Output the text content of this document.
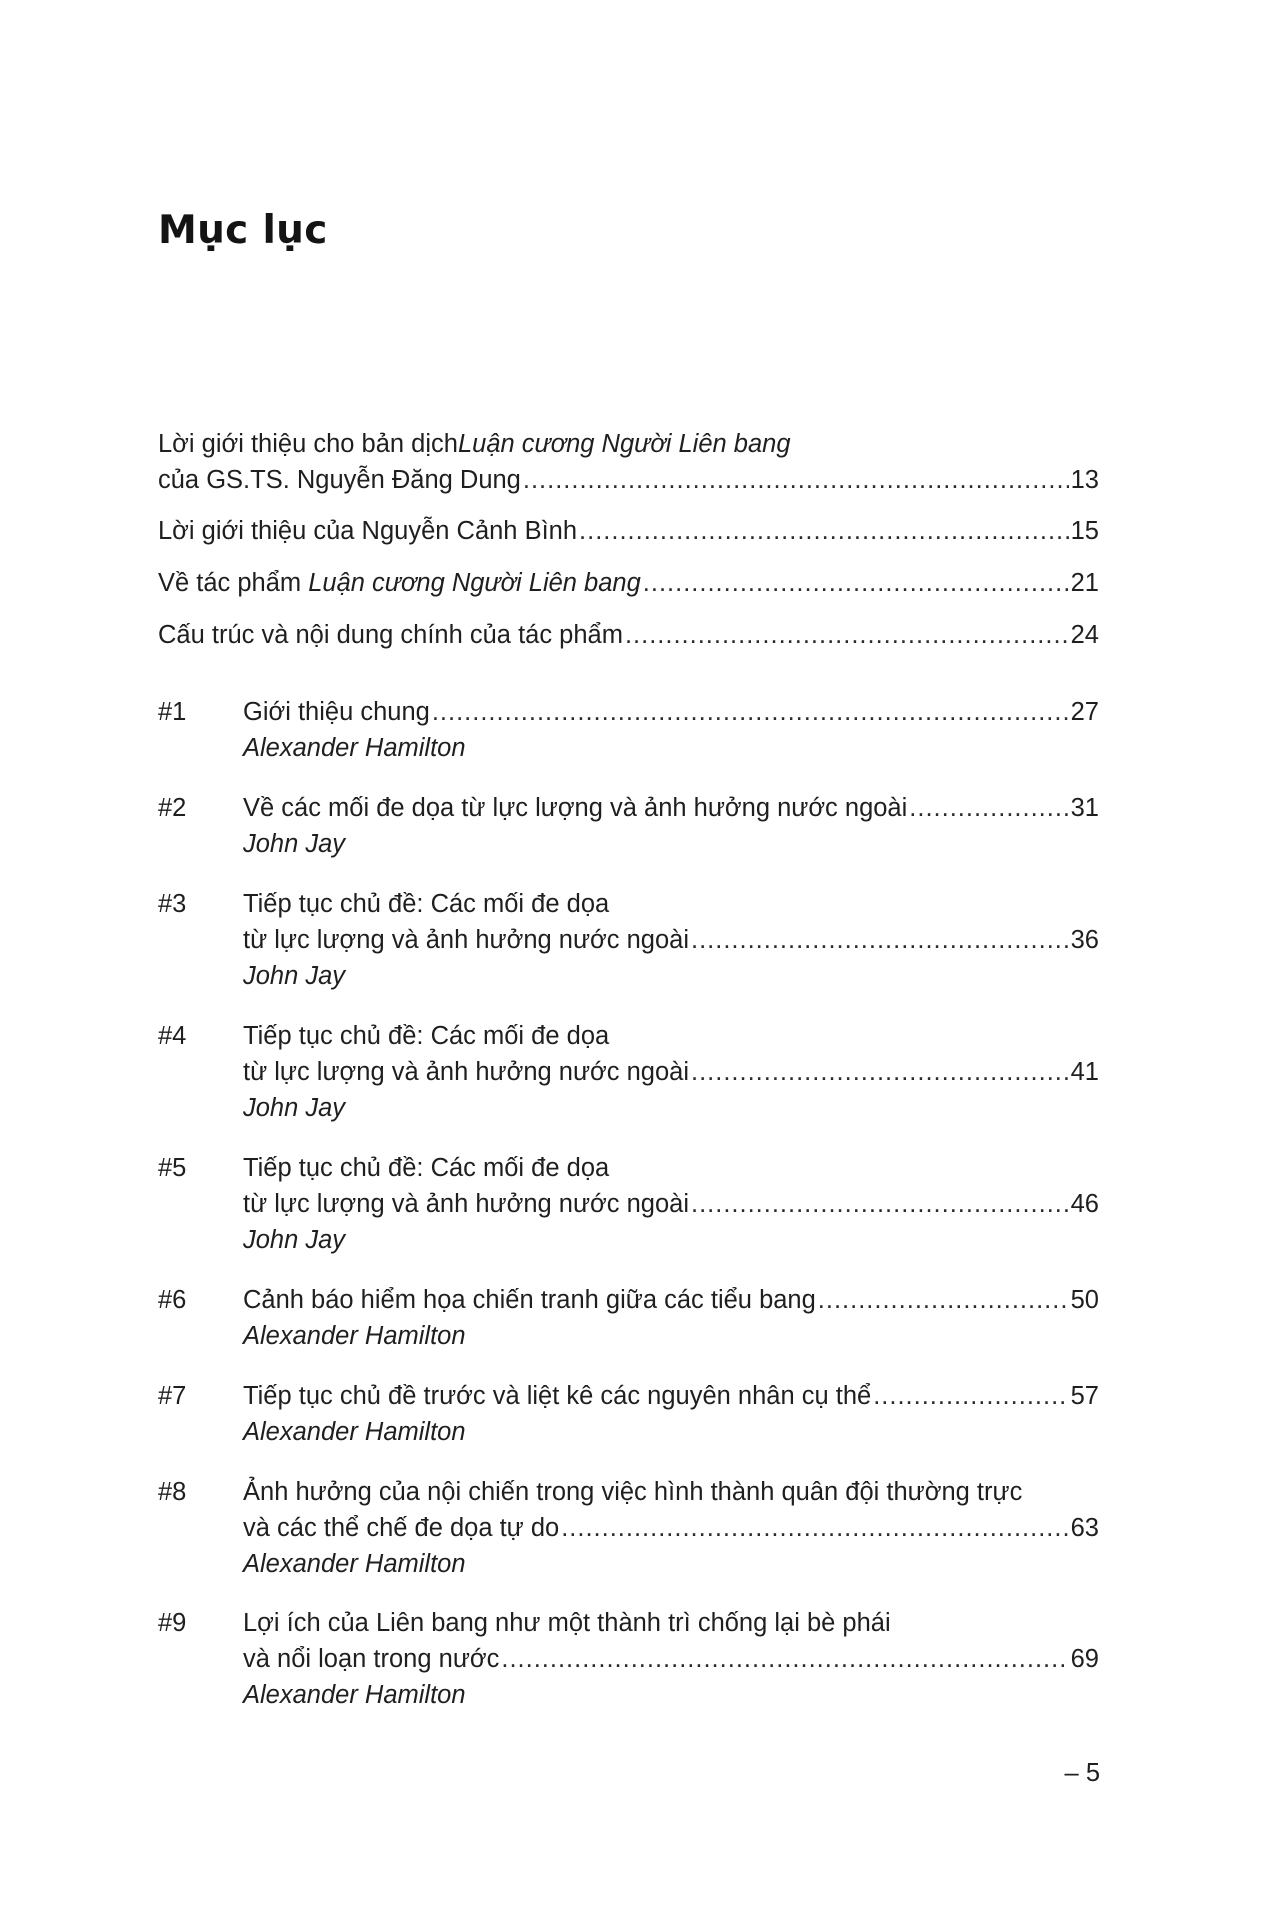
Mục lục
Lời giới thiệu cho bản dịch Luận cương Người Liên bang
của GS.TS. Nguyễn Đăng Dung .....	13
Lời giới thiệu của Nguyễn Cảnh Bình .....	15
Về tác phẩm Luận cương Người Liên bang .....	21
Cấu trúc và nội dung chính của tác phẩm .....	24
#1	Giới thiệu chung .....	27
Alexander Hamilton
#2	Về các mối đe dọa từ lực lượng và ảnh hưởng nước ngoài .....	31
John Jay
#3	Tiếp tục chủ đề: Các mối đe dọa
từ lực lượng và ảnh hưởng nước ngoài .....	36
John Jay
#4	Tiếp tục chủ đề: Các mối đe dọa
từ lực lượng và ảnh hưởng nước ngoài .....	41
John Jay
#5	Tiếp tục chủ đề: Các mối đe dọa
từ lực lượng và ảnh hưởng nước ngoài .....	46
John Jay
#6	Cảnh báo hiểm họa chiến tranh giữa các tiểu bang .....	50
Alexander Hamilton
#7	Tiếp tục chủ đề trước và liệt kê các nguyên nhân cụ thể .....	57
Alexander Hamilton
#8	Ảnh hưởng của nội chiến trong việc hình thành quân đội thường trực
và các thể chế đe dọa tự do .....	63
Alexander Hamilton
#9	Lợi ích của Liên bang như một thành trì chống lại bè phái
và nổi loạn trong nước .....	69
Alexander Hamilton
– 5
